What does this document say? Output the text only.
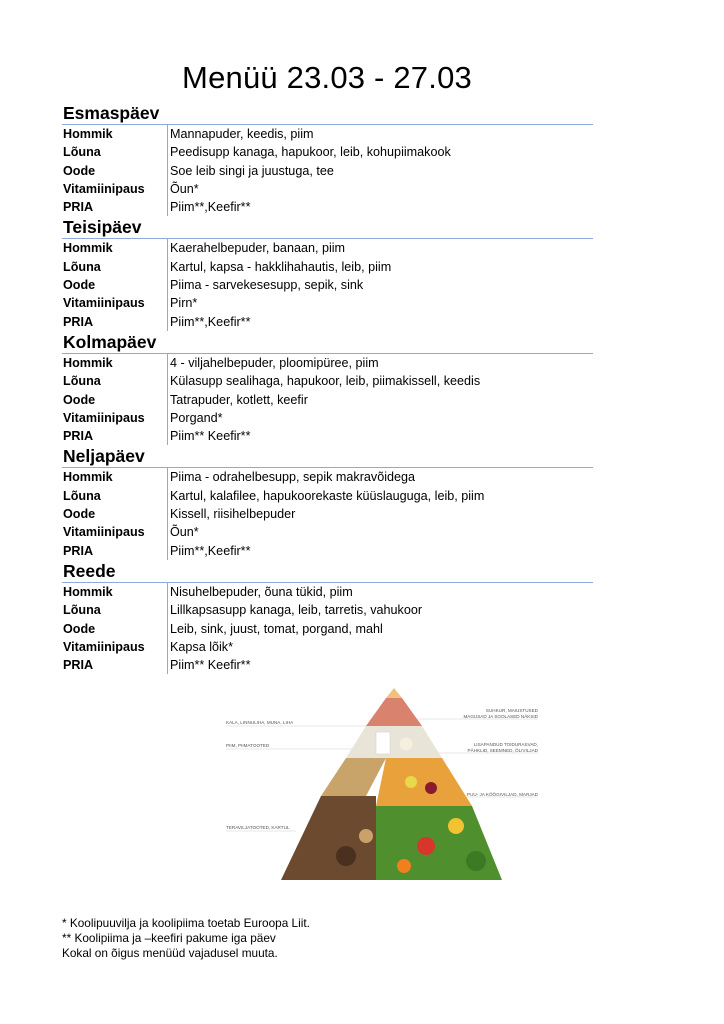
Menüü 23.03 - 27.03
Esmaspäev
Hommik	Mannapuder, keedis, piim
Lõuna	Peedisupp kanaga, hapukoor, leib, kohupiimakook
Oode	Soe leib singi ja juustuga, tee
Vitamiinipaus	Õun*
PRIA	Piim**,Keefir**
Teisipäev
Hommik	Kaerahelbepuder, banaan, piim
Lõuna	Kartul, kapsa - hakklihahautis, leib, piim
Oode	Piima - sarvekesesupp, sepik, sink
Vitamiinipaus	Pirn*
PRIA	Piim**,Keefir**
Kolmapäev
Hommik	4 - viljahelbepuder, ploomipüree, piim
Lõuna	Külasupp sealihaga, hapukoor, leib, piimakissell, keedis
Oode	Tatrapuder, kotlett, keefir
Vitamiinipaus	Porgand*
PRIA	Piim** Keefir**
Neljapäev
Hommik	Piima - odrahelbesupp, sepik makravõidega
Lõuna	Kartul, kalafilee, hapukoorekaste küüslauguga, leib, piim
Oode	Kissell, riisihelbepuder
Vitamiinipaus	Õun*
PRIA	Piim**,Keefir**
Reede
Hommik	Nisuhelbepuder, õuna tükid, piim
Lõuna	Lillkapsasupp kanaga, leib, tarretis, vahukoor
Oode	Leib, sink, juust, tomat, porgand, mahl
Vitamiinipaus	Kapsa lõik*
PRIA	Piim** Keefir**
KALA, LINNULIHA, MUNA, LIHA
PIIM, PIIMATOOTED
TERAVILJATOOTED, KARTUL
SUHKUR, MAIUSTUSED
MAGUSAD JA SOOLASED NÄKSID
LISAPANDUD TOIDURASVAD,
PÄHKLID, SEEMNED, ÕLIVILJAD
PUU- JA KÖÖGIVILJAD, MARJAD
* Koolipuuvilja ja koolipiima toetab Euroopa Liit.
** Koolipiima ja –keefiri pakume iga päev
Kokal on õigus menüüd vajadusel muuta.
